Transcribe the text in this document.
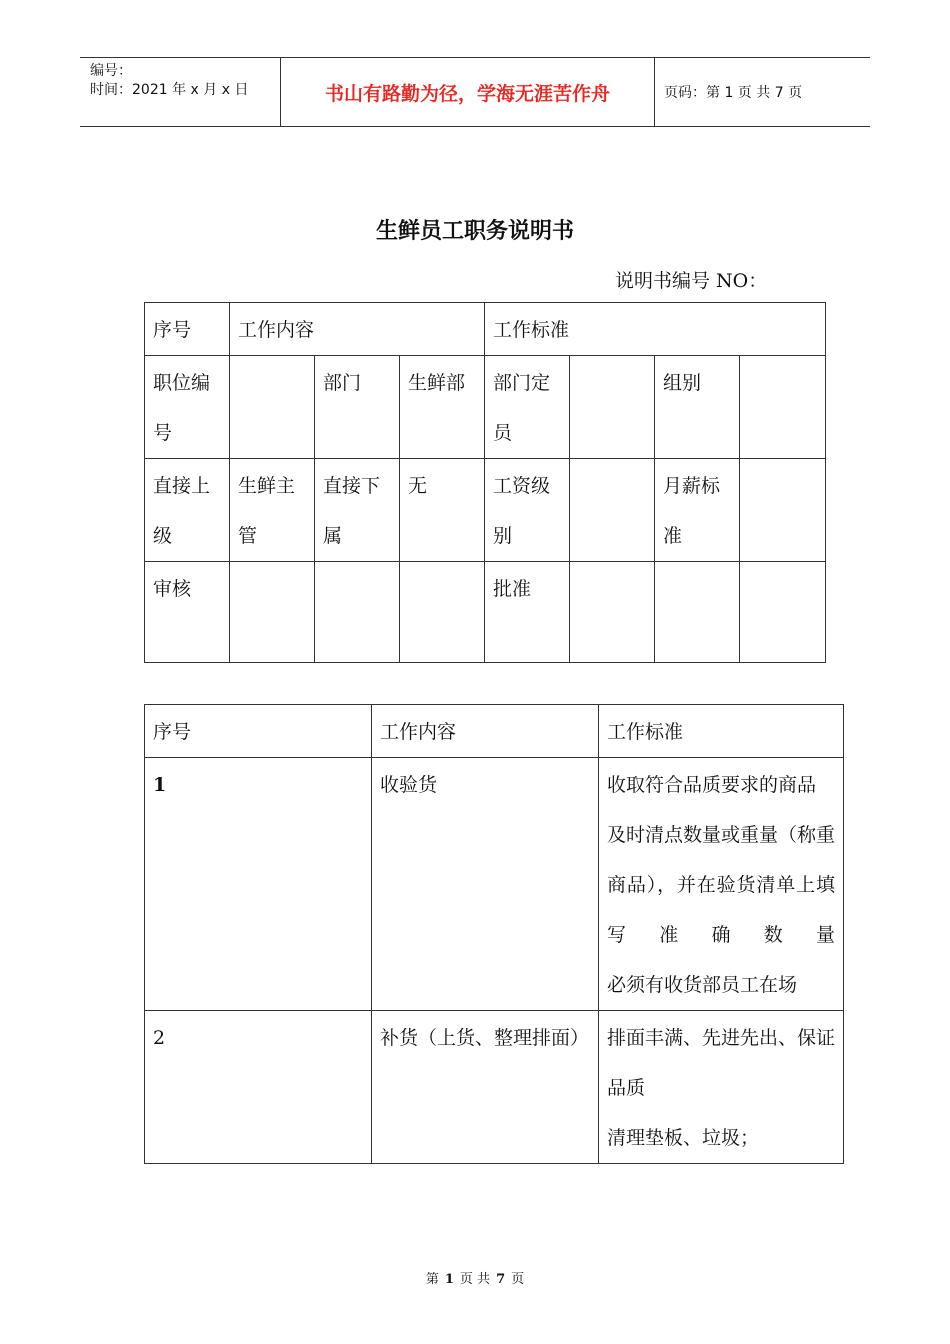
编号：
时间：2021 年 x 月 x 日	书山有路勤为径，学海无涯苦作舟	页码：第 1 页 共 7 页
生鲜员工职务说明书
说明书编号 NO：
序号	工作内容			工作标准			
职位编号		部门	生鲜部	部门定员		组别	
直接上级	生鲜主管	直接下属	无	工资级别		月薪标准	
审核				批准			
序号	工作内容	工作标准
1	收验货	收取符合品质要求的商品
及时清点数量或重量（称重商品），并在验货清单上填写准确数量
必须有收货部员工在场

2	补货（上货、整理排面）	排面丰满、先进先出、保证品质
清理垫板、垃圾；
第 1 页 共 7 页
